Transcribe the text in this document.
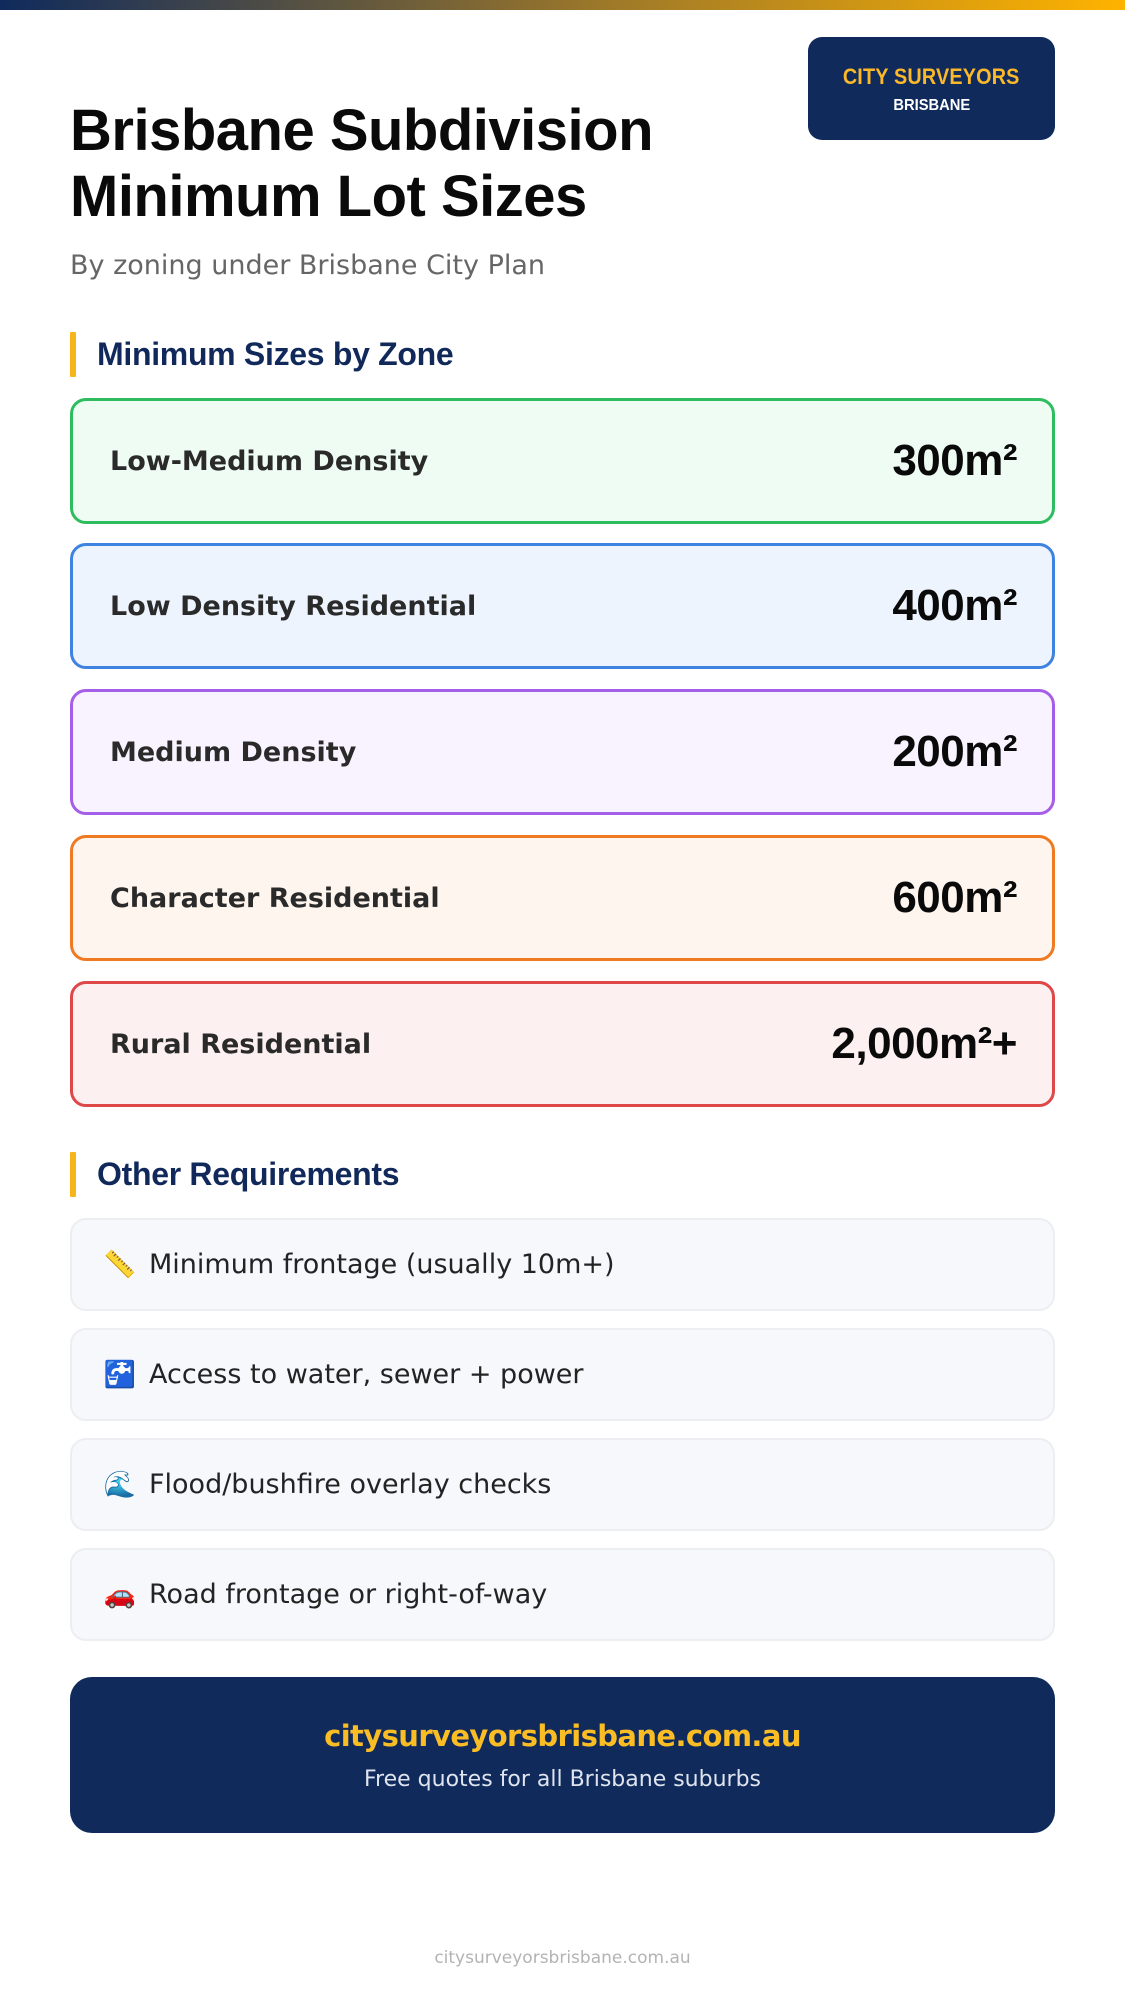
CITY SURVEYORS
BRISBANE
Brisbane Subdivision
Minimum Lot Sizes
By zoning under Brisbane City Plan
Minimum Sizes by Zone
Low-Medium Density	300m²
Low Density Residential	400m²
Medium Density	200m²
Character Residential	600m²
Rural Residential	2,000m²+
Other Requirements
📏 Minimum frontage (usually 10m+)
🚰 Access to water, sewer + power
🌊 Flood/bushfire overlay checks
🚗 Road frontage or right-of-way
citysurveyorsbrisbane.com.au
Free quotes for all Brisbane suburbs
citysurveyorsbrisbane.com.au
